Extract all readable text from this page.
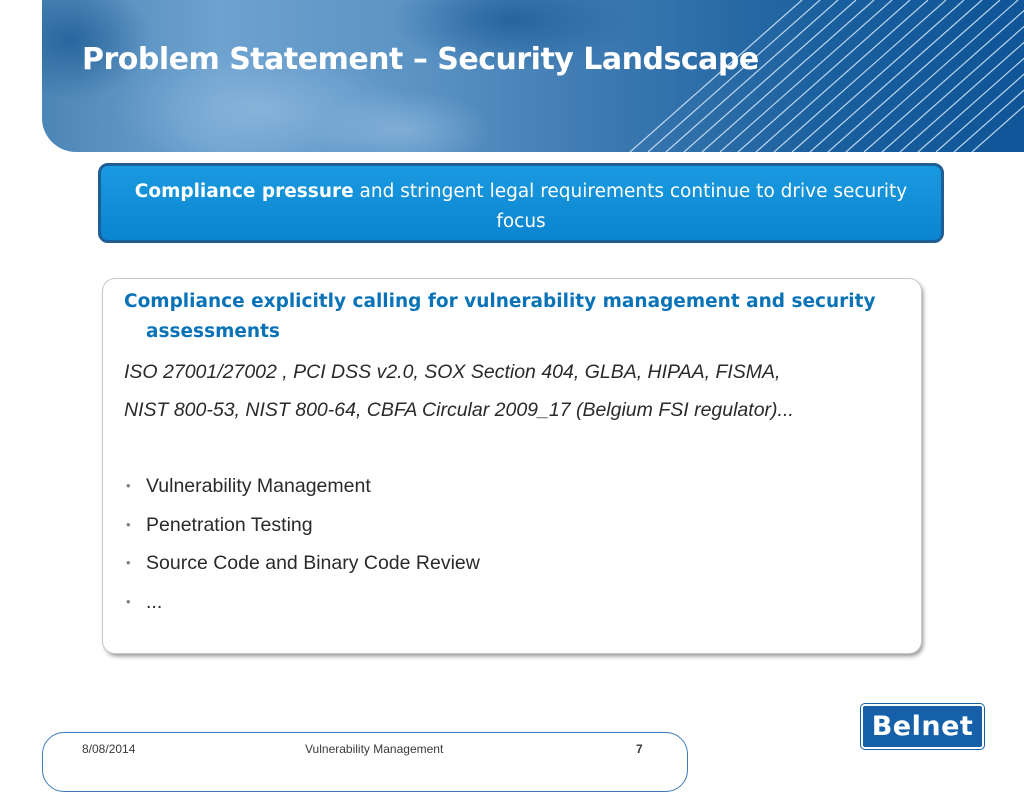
Problem Statement – Security Landscape
Compliance pressure and stringent legal requirements continue to drive security focus

Compliance explicitly calling for vulnerability management and security assessments

ISO 27001/27002 , PCI DSS v2.0, SOX Section 404, GLBA, HIPAA, FISMA,

NIST 800-53, NIST 800-64, CBFA Circular 2009_17 (Belgium FSI regulator)...

• Vulnerability Management
• Penetration Testing
• Source Code and Binary Code Review
• ...
8/08/2014	Vulnerability Management	7
Belnet
